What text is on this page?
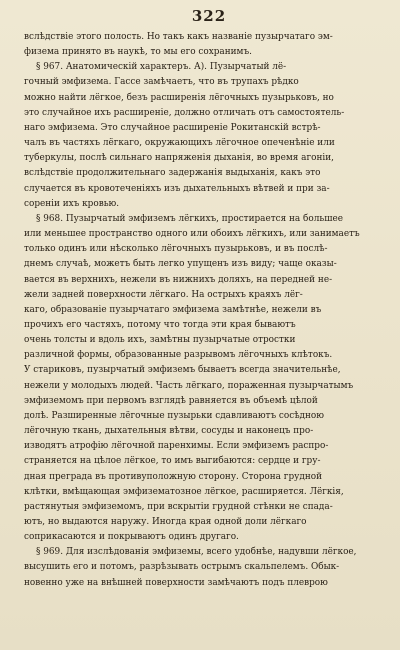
322

вслѣдствіе этого полость. Но такъ какъ названіе пузырчатаго эм-
физема принято въ наукѣ, то мы его сохранимъ.

§ 967. Анатомическій характеръ. А). Пузырчатый лё-
гочный эмфизема. Гассе замѣчаетъ, что въ трупахъ рѣдко
можно найти лёгкое, безъ расширенія лёгочныхъ пузырьковъ, но
это случайное ихъ расширеніе, должно отличать отъ самостоятель-
наго эмфизема. Это случайное расширеніе Рокитанскій встрѣ-
чалъ въ частяхъ лёгкаго, окружающихъ лёгочное опеченѣніе или
туберкулы, послѣ сильнаго напряженія дыханія, во время агоніи,
вслѣдствіе продолжительнаго задержанія выдыханія, какъ это
случается въ кровотеченіяхъ изъ дыхательныхъ вѣтвей и при за-
сореніи ихъ кровью.

§ 968. Пузырчатый эмфиземъ лёгкихъ, простирается на большее
или меньшее пространство одного или обоихъ лёгкихъ, или занимаетъ
только одинъ или нѣсколько лёгочныхъ пузырьковъ, и въ послѣ-
днемъ случаѣ, можетъ быть легко упущенъ изъ виду; чаще оказы-
вается въ верхнихъ, нежели въ нижнихъ доляхъ, на передней не-
жели задней поверхности лёгкаго. На острыхъ краяхъ лёг-
каго, образованіе пузырчатаго эмфизема замѣтнѣе, нежели въ
прочихъ его частяхъ, потому что тогда эти края бываютъ
очень толсты и вдоль ихъ, замѣтны пузырчатые отростки
различной формы, образованные разрывомъ лёгочныхъ клѣтокъ.
У стариковъ, пузырчатый эмфиземъ бываетъ всегда значительнѣе,
нежели у молодыхъ людей. Часть лёгкаго, пораженная пузырчатымъ
эмфиземомъ при первомъ взглядѣ равняется въ объемѣ цѣлой
долѣ. Разширенные лёгочные пузырьки сдавливаютъ сосѣдною
лёгочную ткань, дыхательныя вѣтви, сосуды и наконецъ про-
изводятъ атрофію лёгочной паренхимы. Если эмфиземъ распро-
страняется на цѣлое лёгкое, то имъ выгибаются: сердце и гру-
дная преграда въ противуположную сторону. Сторона грудной
клѣтки, вмѣщающая эмфизематозное лёгкое, расширяется. Лёгкія,
растянутыя эмфиземомъ, при вскрытіи грудной стѣнки не спада-
ютъ, но выдаются наружу. Иногда края одной доли лёгкаго
соприкасаются и покрываютъ одинъ другаго.

§ 969. Для изслѣдованія эмфиземы, всего удобнѣе, надувши лёгкое,
высушить его и потомъ, разрѣзывать острымъ скальпелемъ. Обык-
новенно уже на внѣшней поверхности замѣчаютъ подъ плеврою
